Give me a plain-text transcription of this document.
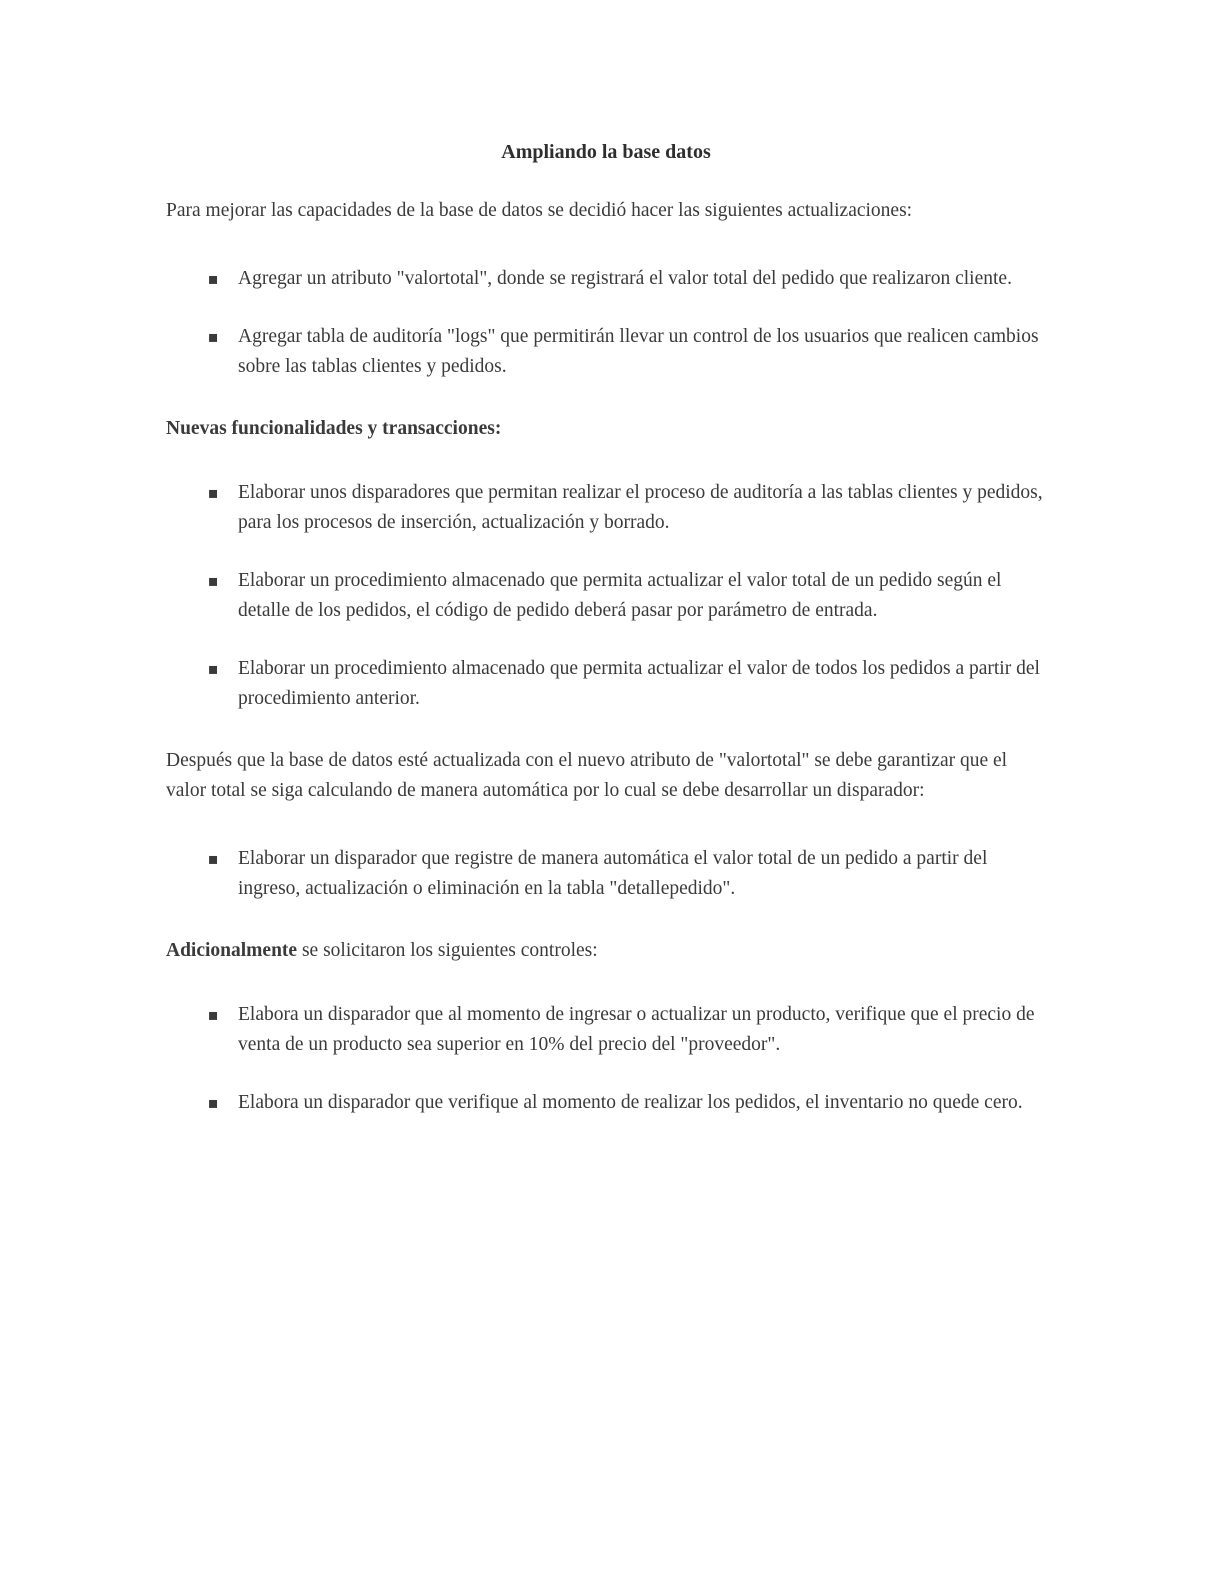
Ampliando la base datos

Para mejorar las capacidades de la base de datos se decidió hacer las siguientes actualizaciones:

▪ Agregar un atributo "valortotal", donde se registrará el valor total del pedido que realizaron cliente.
▪ Agregar tabla de auditoría "logs" que permitirán llevar un control de los usuarios que realicen cambios sobre las tablas clientes y pedidos.

Nuevas funcionalidades y transacciones:

▪ Elaborar unos disparadores que permitan realizar el proceso de auditoría a las tablas clientes y pedidos, para los procesos de inserción, actualización y borrado.
▪ Elaborar un procedimiento almacenado que permita actualizar el valor total de un pedido según el detalle de los pedidos, el código de pedido deberá pasar por parámetro de entrada.
▪ Elaborar un procedimiento almacenado que permita actualizar el valor de todos los pedidos a partir del procedimiento anterior.

Después que la base de datos esté actualizada con el nuevo atributo de "valortotal" se debe garantizar que el valor total se siga calculando de manera automática por lo cual se debe desarrollar un disparador:

▪ Elaborar un disparador que registre de manera automática el valor total de un pedido a partir del ingreso, actualización o eliminación en la tabla "detallepedido".

Adicionalmente se solicitaron los siguientes controles:

▪ Elabora un disparador que al momento de ingresar o actualizar un producto, verifique que el precio de venta de un producto sea superior en 10% del precio del "proveedor".
▪ Elabora un disparador que verifique al momento de realizar los pedidos, el inventario no quede cero.
